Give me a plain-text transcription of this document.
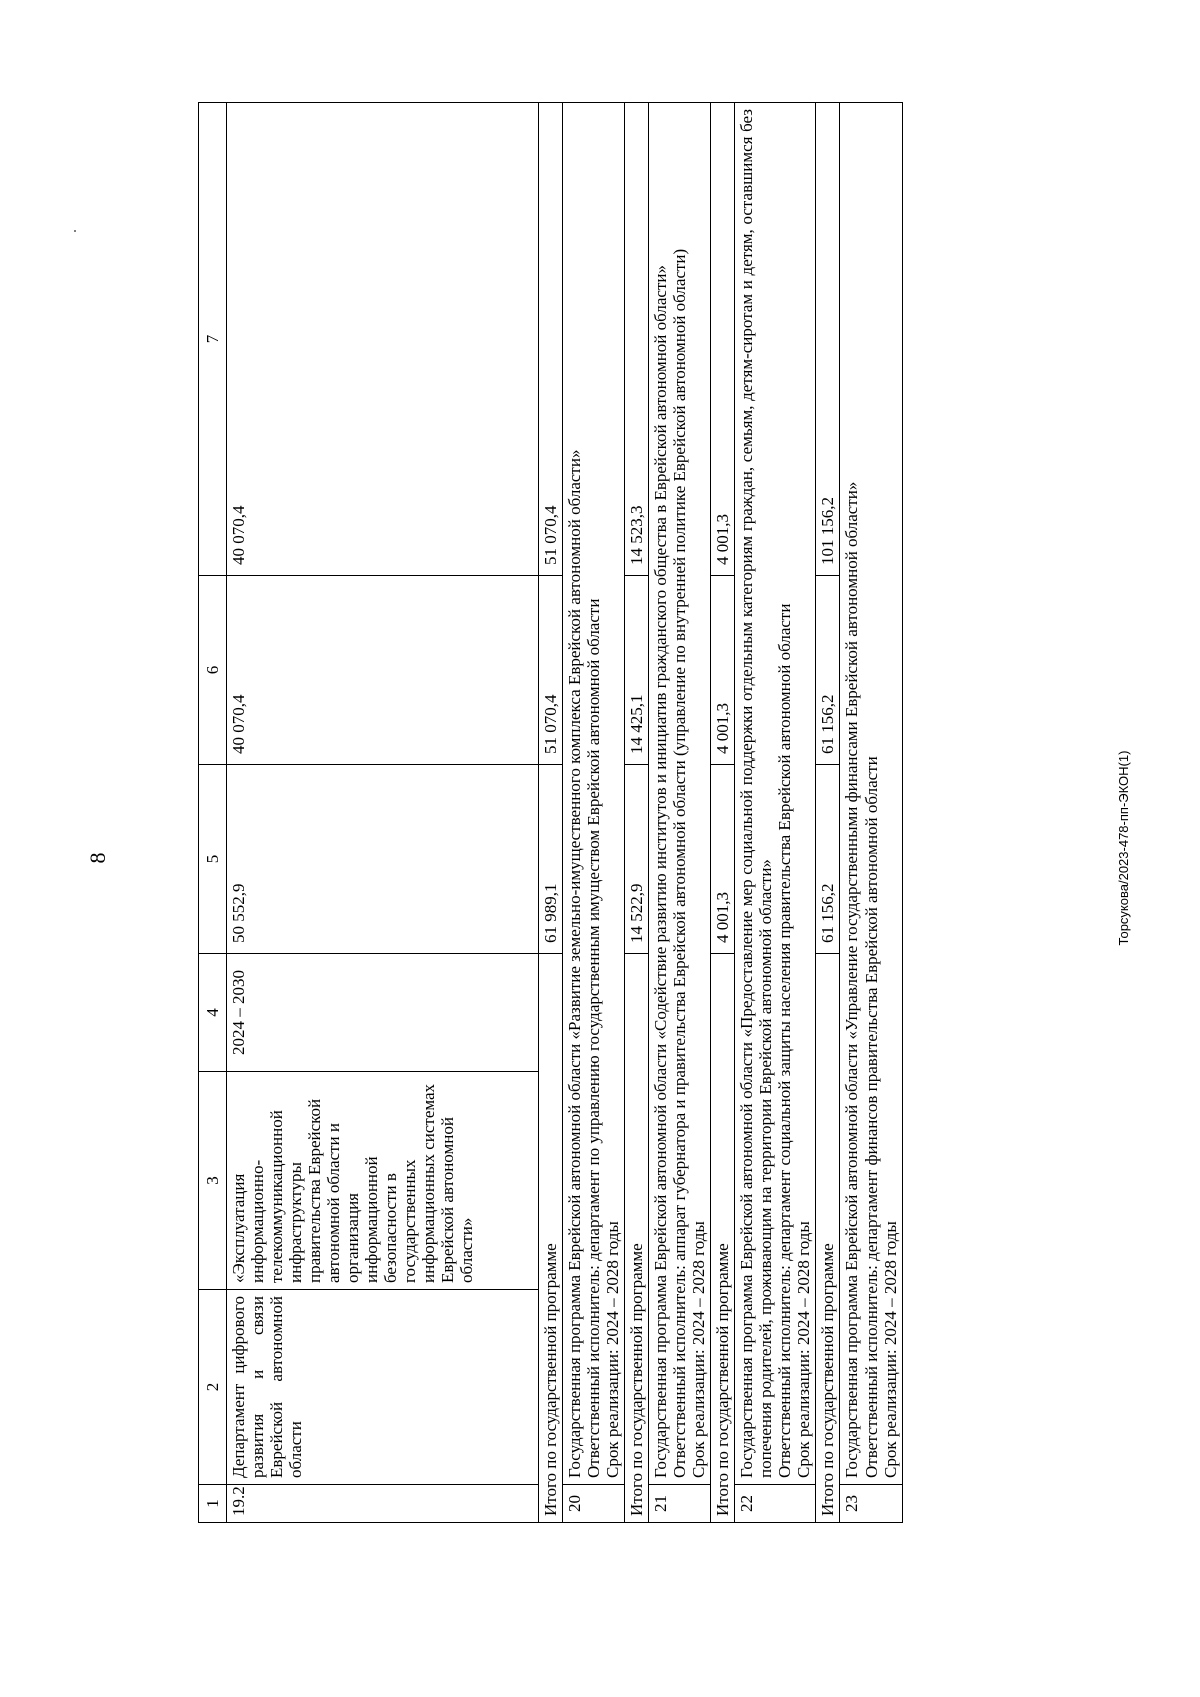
8
1	2	3	4	5	6	7
19.2	Департамент цифрового развития и связи Еврейской автономной области	«Эксплуатация информационно-телекоммуникационной инфраструктуры правительства Еврейской автономной области и организация информационной безопасности в государственных информационных системах Еврейской автономной области»	2024 – 2030	50 552,9	40 070,4	40 070,4
Итого по государственной программе				61 989,1	51 070,4	51 070,4
20	Государственная программа Еврейской автономной области «Развитие земельно-имущественного комплекса Еврейской автономной области» Ответственный исполнитель: департамент по управлению государственным имуществом Еврейской автономной области Срок реализации: 2024 – 2028 годы					

Итого по государственной программе				14 522,9	14 425,1	14 523,3
21	Государственная программа Еврейской автономной области «Содействие развитию институтов и инициатив гражданского общества в Еврейской автономной области» Ответственный исполнитель: аппарат губернатора и правительства Еврейской автономной области (управление по внутренней политике Еврейской автономной области) Срок реализации: 2024 – 2028 годы					

Итого по государственной программе				4 001,3	4 001,3	4 001,3
22	Государственная программа Еврейской автономной области «Предоставление мер социальной поддержки отдельным категориям граждан, семьям, детям-сиротам и детям, оставшимся без попечения родителей, проживающим на территории Еврейской автономной области» Ответственный исполнитель: департамент социальной защиты населения правительства Еврейской автономной области Срок реализации: 2024 – 2028 годы					

Итого по государственной программе				61 156,2	61 156,2	101 156,2
23	Государственная программа Еврейской автономной области «Управление государственными финансами Еврейской автономной области» Ответственный исполнитель: департамент финансов правительства Еврейской автономной области Срок реализации: 2024 – 2028 годы					
Торсукова/2023-478-пп-ЭКОН(1)
